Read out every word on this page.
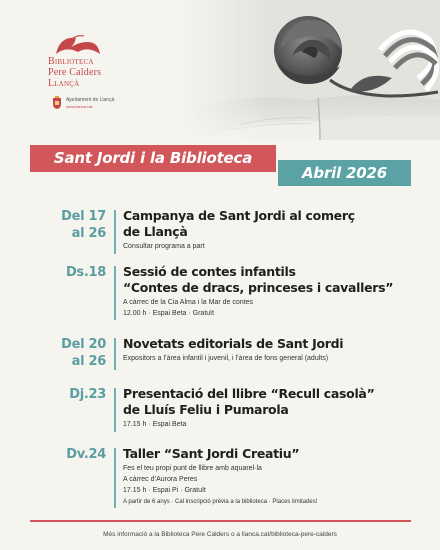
Biblioteca
Pere Calders
Llançà
Ajuntament de Llançà
www.llanca.cat
Sant Jordi i la Biblioteca
Abril 2026
Del 17
al 26
Campanya de Sant Jordi al comerç
de Llançà
Consultar programa a part
Ds.18 Sessió de contes infantils
“Contes de dracs, princeses i cavallers”
A càrrec de la Cia Alma i la Mar de contes
12.00 h · Espai Beta · Gratuït
Del 20
al 26
Novetats editorials de Sant Jordi
Expositors a l’àrea infantil i juvenil, i l’àrea de fons general (adults)
Dj.23 Presentació del llibre “Recull casolà”
de Lluís Feliu i Pumarola
17.15 h · Espai Beta
Dv.24 Taller “Sant Jordi Creatiu”
Fes el teu propi punt de llibre amb aquarel·la
A càrrec d’Aurora Peres
17.15 h · Espai Pi · Gratuït
A partir de 6 anys · Cal inscripció prèvia a la biblioteca · Places limitades!
Més informació a la Biblioteca Pere Calders o a llanca.cat/biblioteca-pere-calders
